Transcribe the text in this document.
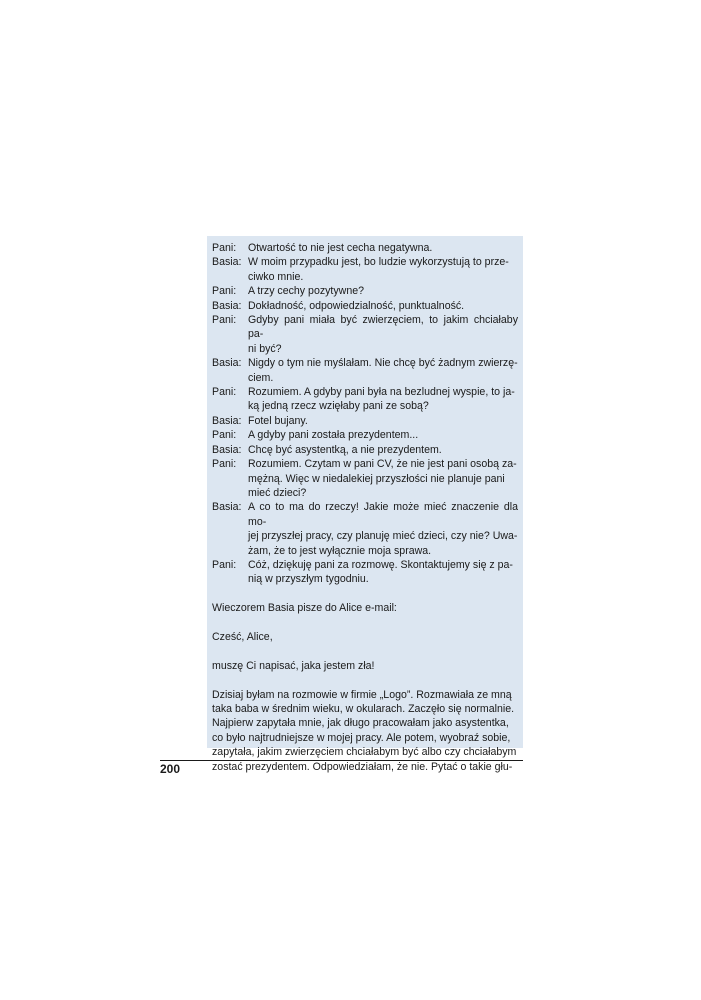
Pani:	Otwartość to nie jest cecha negatywna.
Basia: W moim przypadku jest, bo ludzie wykorzystują to prze-
ciwko mnie.
Pani:	A trzy cechy pozytywne?
Basia: Dokładność, odpowiedzialność, punktualność.
Pani:	Gdyby pani miała być zwierzęciem, to jakim chciałaby pa-
ni być?
Basia: Nigdy o tym nie myślałam. Nie chcę być żadnym zwierzę-
ciem.
Pani:	Rozumiem. A gdyby pani była na bezludnej wyspie, to ja-
ką jedną rzecz wzięłaby pani ze sobą?
Basia: Fotel bujany.
Pani:	A gdyby pani została prezydentem...
Basia: Chcę być asystentką, a nie prezydentem.
Pani:	Rozumiem. Czytam w pani CV, że nie jest pani osobą za-
mężną. Więc w niedalekiej przyszłości nie planuje pani
mieć dzieci?
Basia: A co to ma do rzeczy! Jakie może mieć znaczenie dla mo-
jej przyszłej pracy, czy planuję mieć dzieci, czy nie? Uwa-
żam, że to jest wyłącznie moja sprawa.
Pani:	Cóż, dziękuję pani za rozmowę. Skontaktujemy się z pa-
nią w przyszłym tygodniu.
Wieczorem Basia pisze do Alice e-mail:
Cześć, Alice,
muszę Ci napisać, jaka jestem zła!
Dzisiaj byłam na rozmowie w firmie „Logo”. Rozmawiała ze mną
taka baba w średnim wieku, w okularach. Zaczęło się normalnie.
Najpierw zapytała mnie, jak długo pracowałam jako asystentka,
co było najtrudniejsze w mojej pracy. Ale potem, wyobraź sobie,
zapytała, jakim zwierzęciem chciałabym być albo czy chciałabym
zostać prezydentem. Odpowiedziałam, że nie. Pytać o takie głu-
200
